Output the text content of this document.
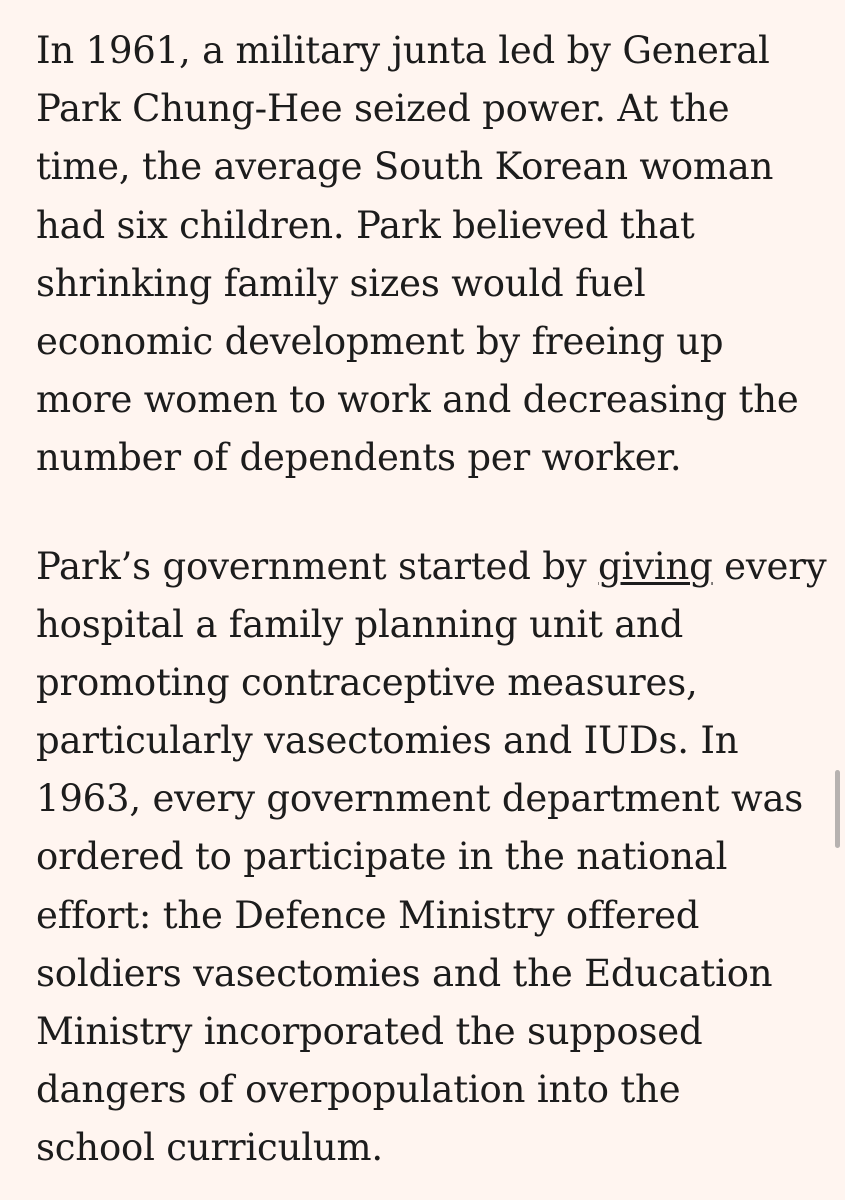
In 1961, a military junta led by General
Park Chung-Hee seized power. At the
time, the average South Korean woman
had six children. Park believed that
shrinking family sizes would fuel
economic development by freeing up
more women to work and decreasing the
number of dependents per worker.
Park’s government started by giving every
hospital a family planning unit and
promoting contraceptive measures,
particularly vasectomies and IUDs. In
1963, every government department was
ordered to participate in the national
effort: the Defence Ministry offered
soldiers vasectomies and the Education
Ministry incorporated the supposed
dangers of overpopulation into the
school curriculum.
